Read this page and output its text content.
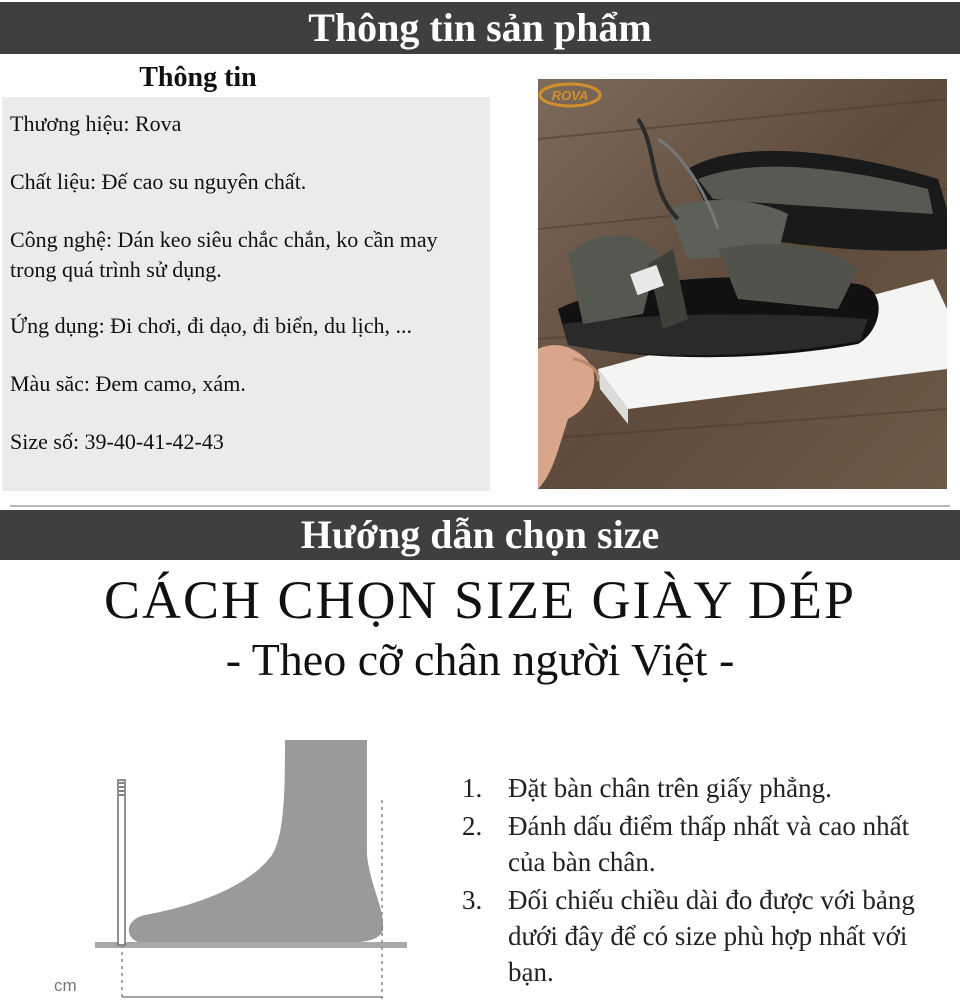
Thông tin sản phẩm
Thông tin

Thương hiệu: Rova

Chất liệu: Đế cao su nguyên chất.

Công nghệ: Dán keo siêu chắc chắn, ko cần may trong quá trình sử dụng.

Ứng dụng: Đi chơi, đi dạo, đi biển, du lịch, ...

Màu săc: Đem camo, xám.

Size số: 39-40-41-42-43

ROVA
Hướng dẫn chọn size
CÁCH CHỌN SIZE GIÀY DÉP
- Theo cỡ chân người Việt -
cm
1. Đặt bàn chân trên giấy phẳng.
2. Đánh dấu điểm thấp nhất và cao nhất của bàn chân.
3. Đối chiếu chiều dài đo được với bảng dưới đây để có size phù hợp nhất với bạn.
